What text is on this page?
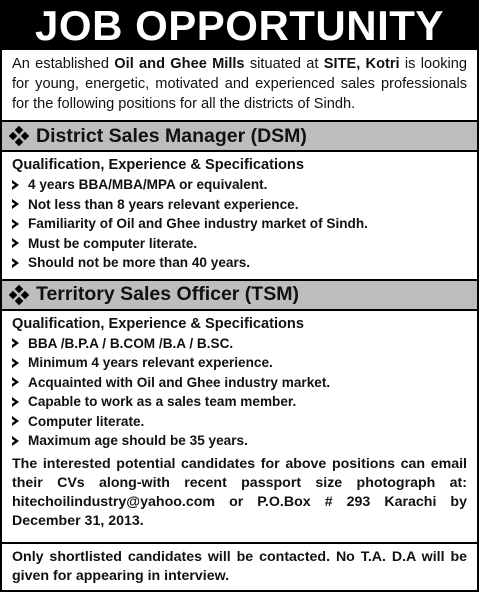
JOB OPPORTUNITY
An established Oil and Ghee Mills situated at SITE, Kotri is looking for young, energetic, motivated and experienced sales professionals for the following positions for all the districts of Sindh.
District Sales Manager (DSM)
Qualification, Experience & Specifications
4 years BBA/MBA/MPA or equivalent.
Not less than 8 years relevant experience.
Familiarity of Oil and Ghee industry market of Sindh.
Must be computer literate.
Should not be more than 40 years.
Territory Sales Officer (TSM)
Qualification, Experience & Specifications
BBA /B.P.A / B.COM /B.A / B.SC.
Minimum 4 years relevant experience.
Acquainted with Oil and Ghee industry market.
Capable to work as a sales team member.
Computer literate.
Maximum age should be 35 years.
The interested potential candidates for above positions can email their CVs along-with recent passport size photograph at: hitechoilindustry@yahoo.com or P.O.Box # 293 Karachi by December 31, 2013.
Only shortlisted candidates will be contacted. No T.A. D.A will be given for appearing in interview.
